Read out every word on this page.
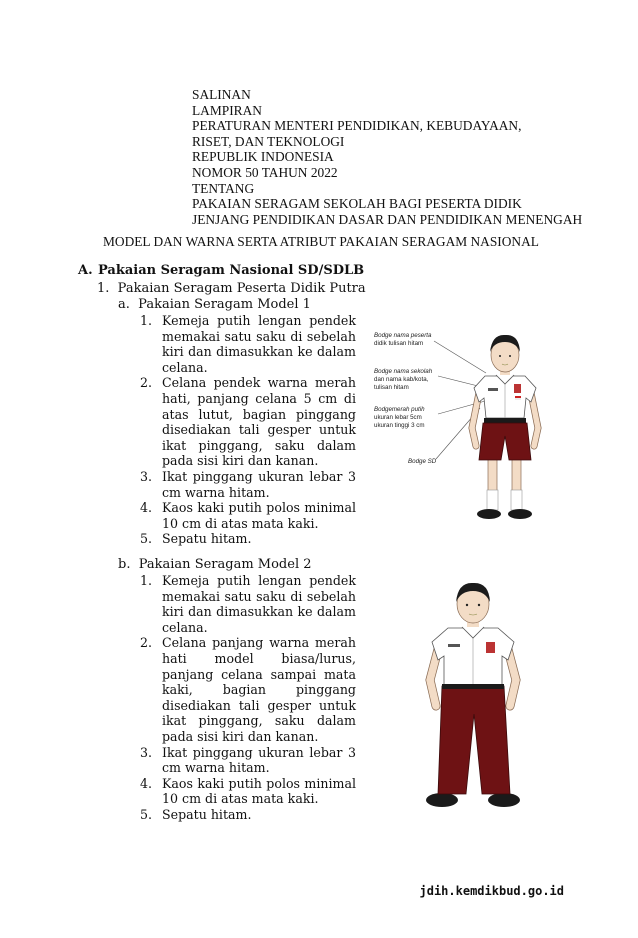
SALINAN
LAMPIRAN
PERATURAN MENTERI PENDIDIKAN, KEBUDAYAAN,
RISET, DAN TEKNOLOGI
REPUBLIK INDONESIA
NOMOR 50 TAHUN 2022
TENTANG
PAKAIAN SERAGAM SEKOLAH BAGI PESERTA DIDIK
JENJANG PENDIDIKAN DASAR DAN PENDIDIKAN MENENGAH
MODEL DAN WARNA SERTA ATRIBUT PAKAIAN SERAGAM NASIONAL
A. Pakaian Seragam Nasional SD/SDLB
1. Pakaian Seragam Peserta Didik Putra
a. Pakaian Seragam Model 1
1. Kemeja putih lengan pendek memakai satu saku di sebelah kiri dan dimasukkan ke dalam celana.
2. Celana pendek warna merah hati, panjang celana 5 cm di atas lutut, bagian pinggang disediakan tali gesper untuk ikat pinggang, saku dalam pada sisi kiri dan kanan.
3. Ikat pinggang ukuran lebar 3 cm warna hitam.
4. Kaos kaki putih polos minimal 10 cm di atas mata kaki.
5. Sepatu hitam.
Bodge nama peserta
didik tulisan hitam
Bodge nama sekolah
dan nama kab/kota,
tulisan hitam
Bodgemerah putih
ukuran lebar 5cm
ukuran tinggi 3 cm
Bodge SD
b. Pakaian Seragam Model 2
1. Kemeja putih lengan pendek memakai satu saku di sebelah kiri dan dimasukkan ke dalam celana.
2. Celana panjang warna merah hati model biasa/lurus, panjang celana sampai mata kaki, bagian pinggang disediakan tali gesper untuk ikat pinggang, saku dalam pada sisi kiri dan kanan.
3. Ikat pinggang ukuran lebar 3 cm warna hitam.
4. Kaos kaki putih polos minimal 10 cm di atas mata kaki.
5. Sepatu hitam.
jdih.kemdikbud.go.id
